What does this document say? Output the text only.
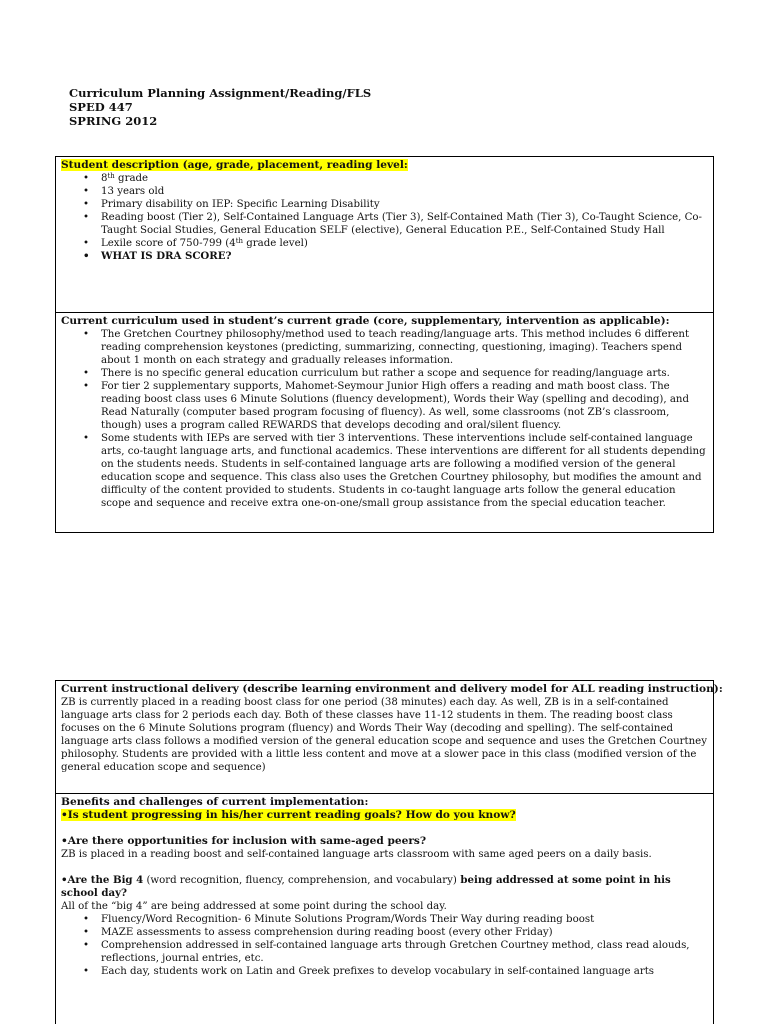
Curriculum Planning Assignment/Reading/FLS
SPED 447
SPRING 2012
Student description (age, grade, placement, reading level:
• 8th grade
• 13 years old
• Primary disability on IEP: Specific Learning Disability
• Reading boost (Tier 2), Self-Contained Language Arts (Tier 3), Self-Contained Math (Tier 3), Co-Taught Science, Co-Taught Social Studies, General Education SELF (elective), General Education P.E., Self-Contained Study Hall
• Lexile score of 750-799 (4th grade level)
• WHAT IS DRA SCORE?
Current curriculum used in student’s current grade (core, supplementary, intervention as applicable):
• The Gretchen Courtney philosophy/method used to teach reading/language arts. This method includes 6 different reading comprehension keystones (predicting, summarizing, connecting, questioning, imaging). Teachers spend about 1 month on each strategy and gradually releases information.
• There is no specific general education curriculum but rather a scope and sequence for reading/language arts.
• For tier 2 supplementary supports, Mahomet-Seymour Junior High offers a reading and math boost class. The reading boost class uses 6 Minute Solutions (fluency development), Words their Way (spelling and decoding), and Read Naturally (computer based program focusing of fluency). As well, some classrooms (not ZB’s classroom, though) uses a program called REWARDS that develops decoding and oral/silent fluency.
• Some students with IEPs are served with tier 3 interventions. These interventions include self-contained language arts, co-taught language arts, and functional academics. These interventions are different for all students depending on the students needs. Students in self-contained language arts are following a modified version of the general education scope and sequence. This class also uses the Gretchen Courtney philosophy, but modifies the amount and difficulty of the content provided to students. Students in co-taught language arts follow the general education scope and sequence and receive extra one-on-one/small group assistance from the special education teacher.
Current instructional delivery (describe learning environment and delivery model for ALL reading instruction):
ZB is currently placed in a reading boost class for one period (38 minutes) each day. As well, ZB is in a self-contained language arts class for 2 periods each day. Both of these classes have 11-12 students in them. The reading boost class focuses on the 6 Minute Solutions program (fluency) and Words Their Way (decoding and spelling). The self-contained language arts class follows a modified version of the general education scope and sequence and uses the Gretchen Courtney philosophy. Students are provided with a little less content and move at a slower pace in this class (modified version of the general education scope and sequence)
Benefits and challenges of current implementation:
•Is student progressing in his/her current reading goals? How do you know?
•Are there opportunities for inclusion with same-aged peers?
ZB is placed in a reading boost and self-contained language arts classroom with same aged peers on a daily basis.
•Are the Big 4 (word recognition, fluency, comprehension, and vocabulary) being addressed at some point in his school day?
All of the “big 4” are being addressed at some point during the school day.
• Fluency/Word Recognition- 6 Minute Solutions Program/Words Their Way during reading boost
• MAZE assessments to assess comprehension during reading boost (every other Friday)
• Comprehension addressed in self-contained language arts through Gretchen Courtney method, class read alouds, reflections, journal entries, etc.
• Each day, students work on Latin and Greek prefixes to develop vocabulary in self-contained language arts
